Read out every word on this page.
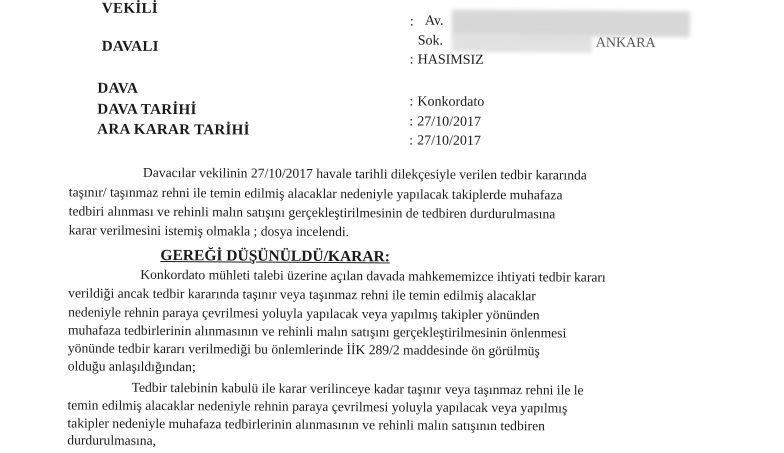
VEKİLİ
: Av.
Sok.	ANKARA
DAVALI
: HASIMSIZ
DAVA
: Konkordato
DAVA TARİHİ
: 27/10/2017
ARA KARAR TARİHİ
: 27/10/2017
Davacılar vekilinin 27/10/2017 havale tarihli dilekçesiyle verilen tedbir kararında
taşınır/ taşınmaz rehni ile temin edilmiş alacaklar nedeniyle yapılacak takiplerde muhafaza
tedbiri alınması ve rehinli malın satışını gerçekleştirilmesinin de tedbiren durdurulmasına
karar verilmesini istemiş olmakla ; dosya incelendi.
GEREĞİ DÜŞÜNÜLDÜ/KARAR:
Konkordato mühleti talebi üzerine açılan davada mahkememizce ihtiyati tedbir kararı
verildiği ancak tedbir kararında taşınır veya taşınmaz rehni ile temin edilmiş alacaklar
nedeniyle rehnin paraya çevrilmesi yoluyla yapılacak veya yapılmış takipler yönünden
muhafaza tedbirlerinin alınmasının ve rehinli malın satışını gerçekleştirilmesinin önlenmesi
yönünde tedbir kararı verilmediği bu önlemlerinde İİK 289/2 maddesinde ön görülmüş
olduğu anlaşıldığından;
Tedbir talebinin kabulü ile karar verilinceye kadar taşınır veya taşınmaz rehni ile le
temin edilmiş alacaklar nedeniyle rehnin paraya çevrilmesi yoluyla yapılacak veya yapılmış
takipler nedeniyle muhafaza tedbirlerinin alınmasının ve rehinli malın satışının tedbiren
durdurulmasına,
